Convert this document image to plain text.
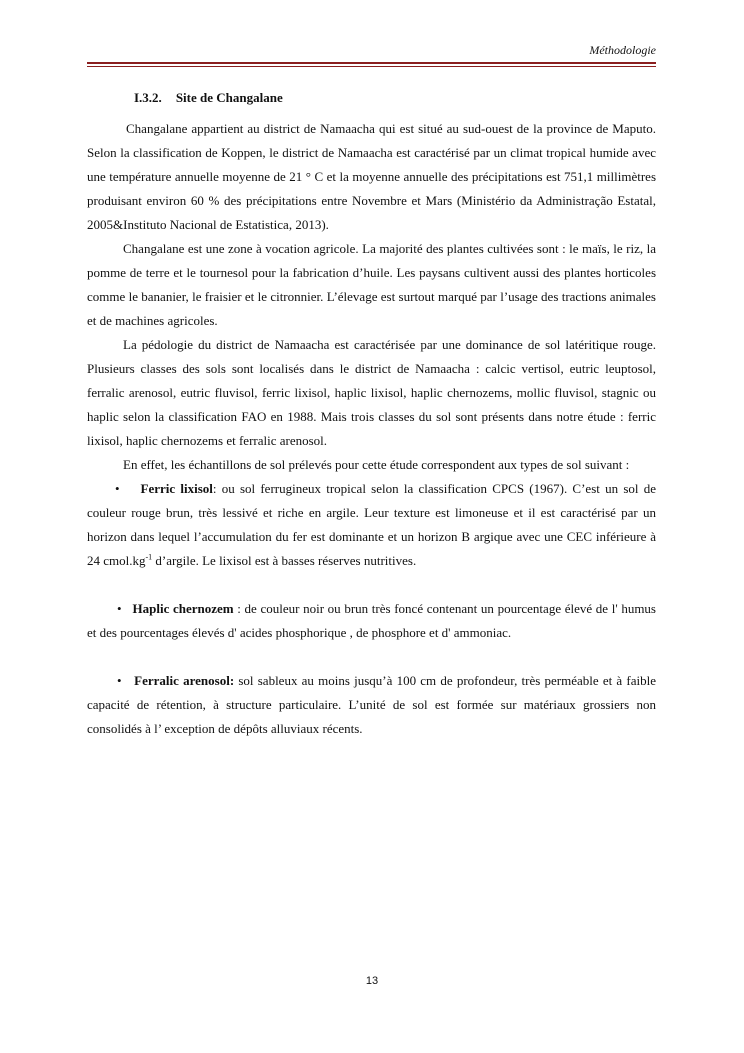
Méthodologie
I.3.2. Site de Changalane

Changalane appartient au district de Namaacha qui est situé au sud-ouest de la province de Maputo. Selon la classification de Koppen, le district de Namaacha est caractérisé par un climat tropical humide avec une température annuelle moyenne de 21 ° C et la moyenne annuelle des précipitations est 751,1 millimètres produisant environ 60 % des précipitations entre Novembre et Mars (Ministério da Administração Estatal, 2005&Instituto Nacional de Estatistica, 2013).

Changalane est une zone à vocation agricole. La majorité des plantes cultivées sont : le maïs, le riz, la pomme de terre et le tournesol pour la fabrication d’huile. Les paysans cultivent aussi des plantes horticoles comme le bananier, le fraisier et le citronnier. L’élevage est surtout marqué par l’usage des tractions animales et de machines agricoles.

La pédologie du district de Namaacha est caractérisée par une dominance de sol latéritique rouge. Plusieurs classes des sols sont localisés dans le district de Namaacha : calcic vertisol, eutric leuptosol, ferralic arenosol, eutric fluvisol, ferric lixisol, haplic lixisol, haplic chernozems, mollic fluvisol, stagnic ou haplic selon la classification FAO en 1988. Mais trois classes du sol sont présents dans notre étude : ferric lixisol, haplic chernozems et ferralic arenosol.

En effet, les échantillons de sol prélevés pour cette étude correspondent aux types de sol suivant :

• Ferric lixisol: ou sol ferrugineux tropical selon la classification CPCS (1967). C’est un sol de couleur rouge brun, très lessivé et riche en argile. Leur texture est limoneuse et il est caractérisé par un horizon dans lequel l’accumulation du fer est dominante et un horizon B argique avec une CEC inférieure à 24 $cmol.kg^{-1}$ d’argile. Le lixisol est à basses réserves nutritives.

• Haplic chernozem : de couleur noir ou brun très foncé contenant un pourcentage élevé de l' humus et des pourcentages élevés d' acides phosphorique , de phosphore et d' ammoniac.

• Ferralic arenosol: sol sableux au moins jusqu’à 100 cm de profondeur, très perméable et à faible capacité de rétention, à structure particulaire. L’unité de sol est formée sur matériaux grossiers non consolidés à l’ exception de dépôts alluviaux récents.

13
